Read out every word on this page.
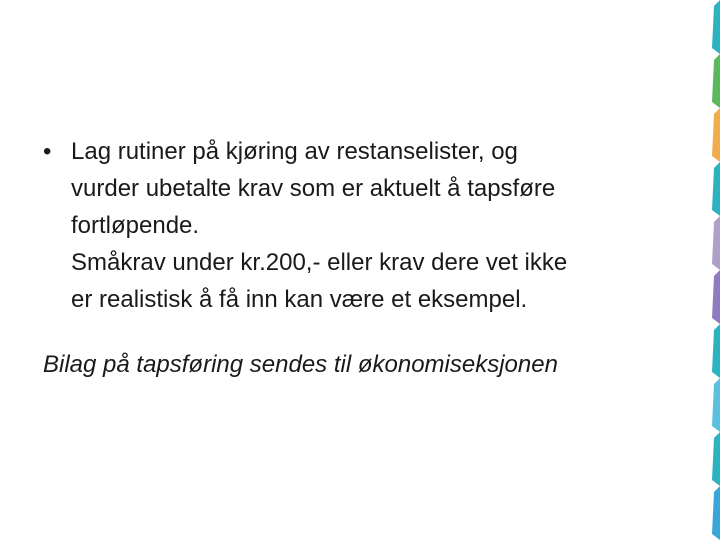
• Lag rutiner på kjøring av restanselister, og
vurder ubetalte krav som er aktuelt å tapsføre
fortløpende.
Småkrav under kr.200,- eller krav dere vet ikke
er realistisk å få inn kan være et eksempel.
Bilag på tapsføring sendes til økonomiseksjonen
